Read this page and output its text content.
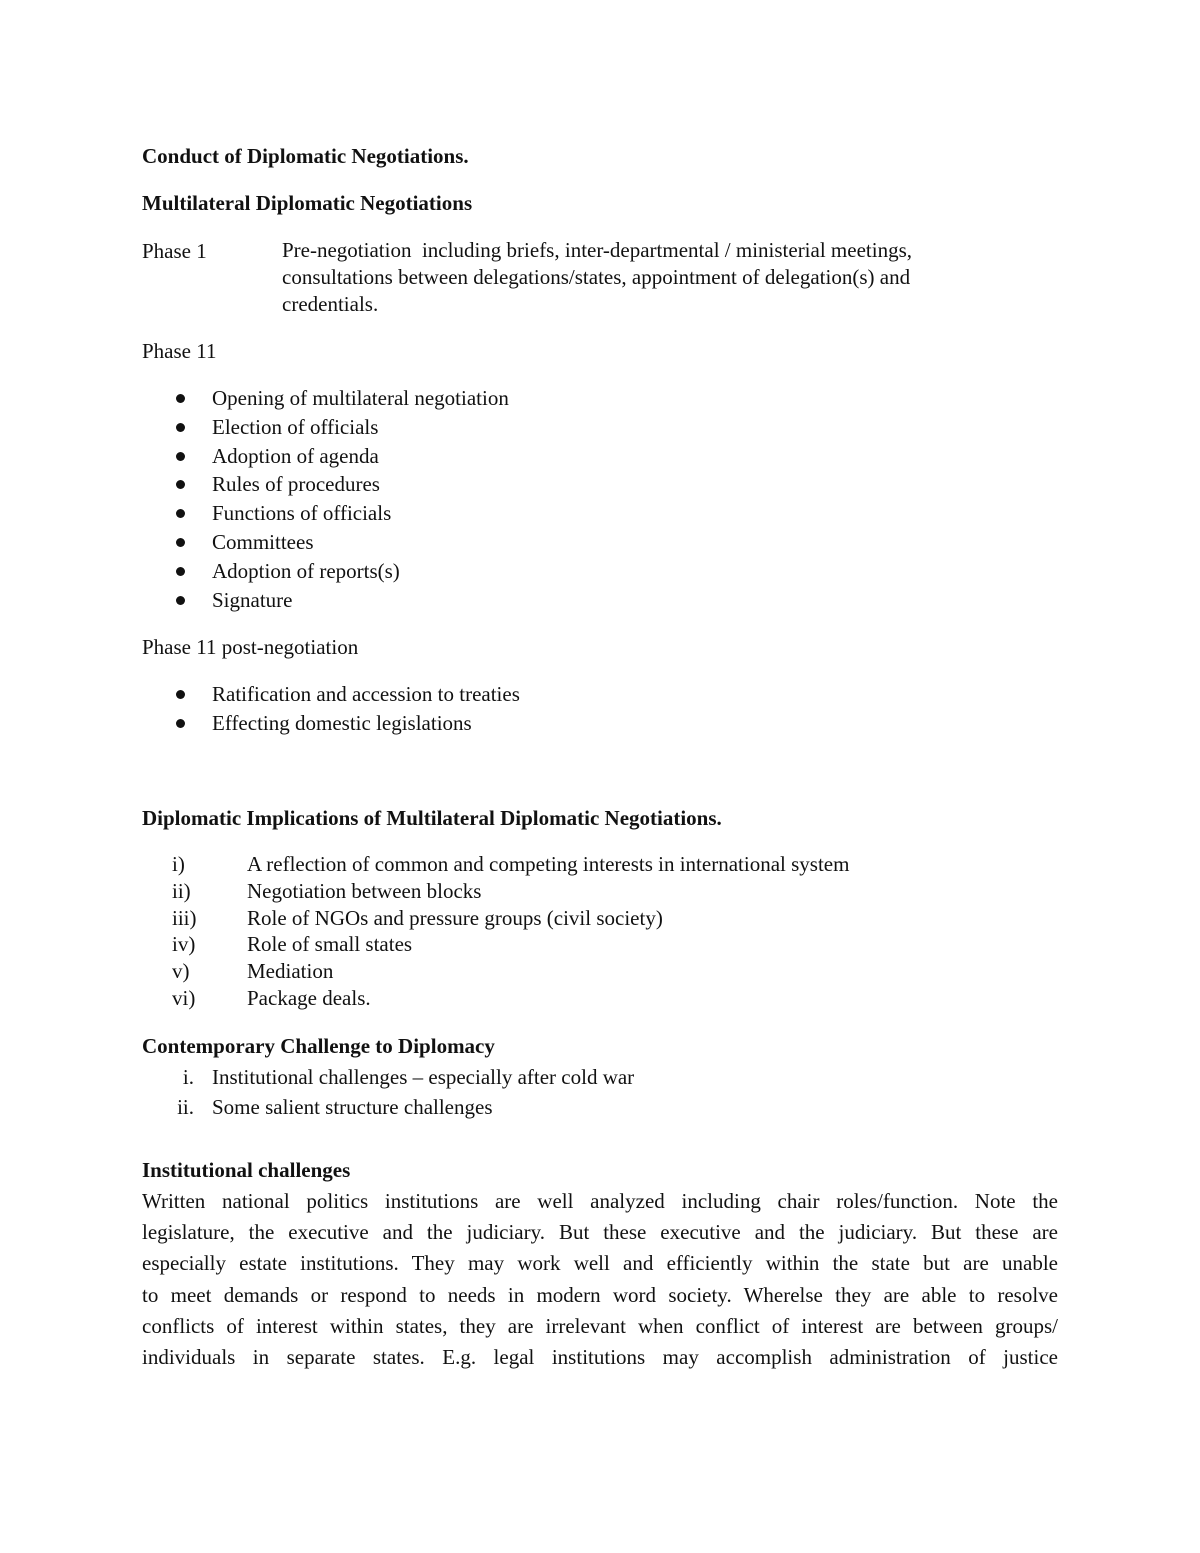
Conduct of Diplomatic Negotiations.

Multilateral Diplomatic Negotiations

Phase 1	Pre-negotiation  including briefs, inter-departmental / ministerial meetings,
consultations between delegations/states, appointment of delegation(s) and
credentials.

Phase 11

Opening of multilateral negotiation
Election of officials
Adoption of agenda
Rules of procedures
Functions of officials
Committees
Adoption of reports(s)
Signature

Phase 11 post-negotiation

Ratification and accession to treaties
Effecting domestic legislations

Diplomatic Implications of Multilateral Diplomatic Negotiations.

i)	A reflection of common and competing interests in international system
ii)	Negotiation between blocks
iii) Role of NGOs and pressure groups (civil society)
iv) Role of small states
v)	Mediation
vi) Package deals.

Contemporary Challenge to Diplomacy

i. Institutional challenges – especially after cold war
ii. Some salient structure challenges

Institutional challenges

Written national politics institutions are well analyzed including chair roles/function. Note the
legislature, the executive and the judiciary. But these executive and the judiciary. But these are
especially estate institutions. They may work well and efficiently within the state but are unable
to meet demands or respond to needs in modern word society. Wherelse they are able to resolve
conflicts of interest within states, they are irrelevant when conflict of interest are between groups/
individuals in separate states. E.g. legal institutions may accomplish administration of justice
